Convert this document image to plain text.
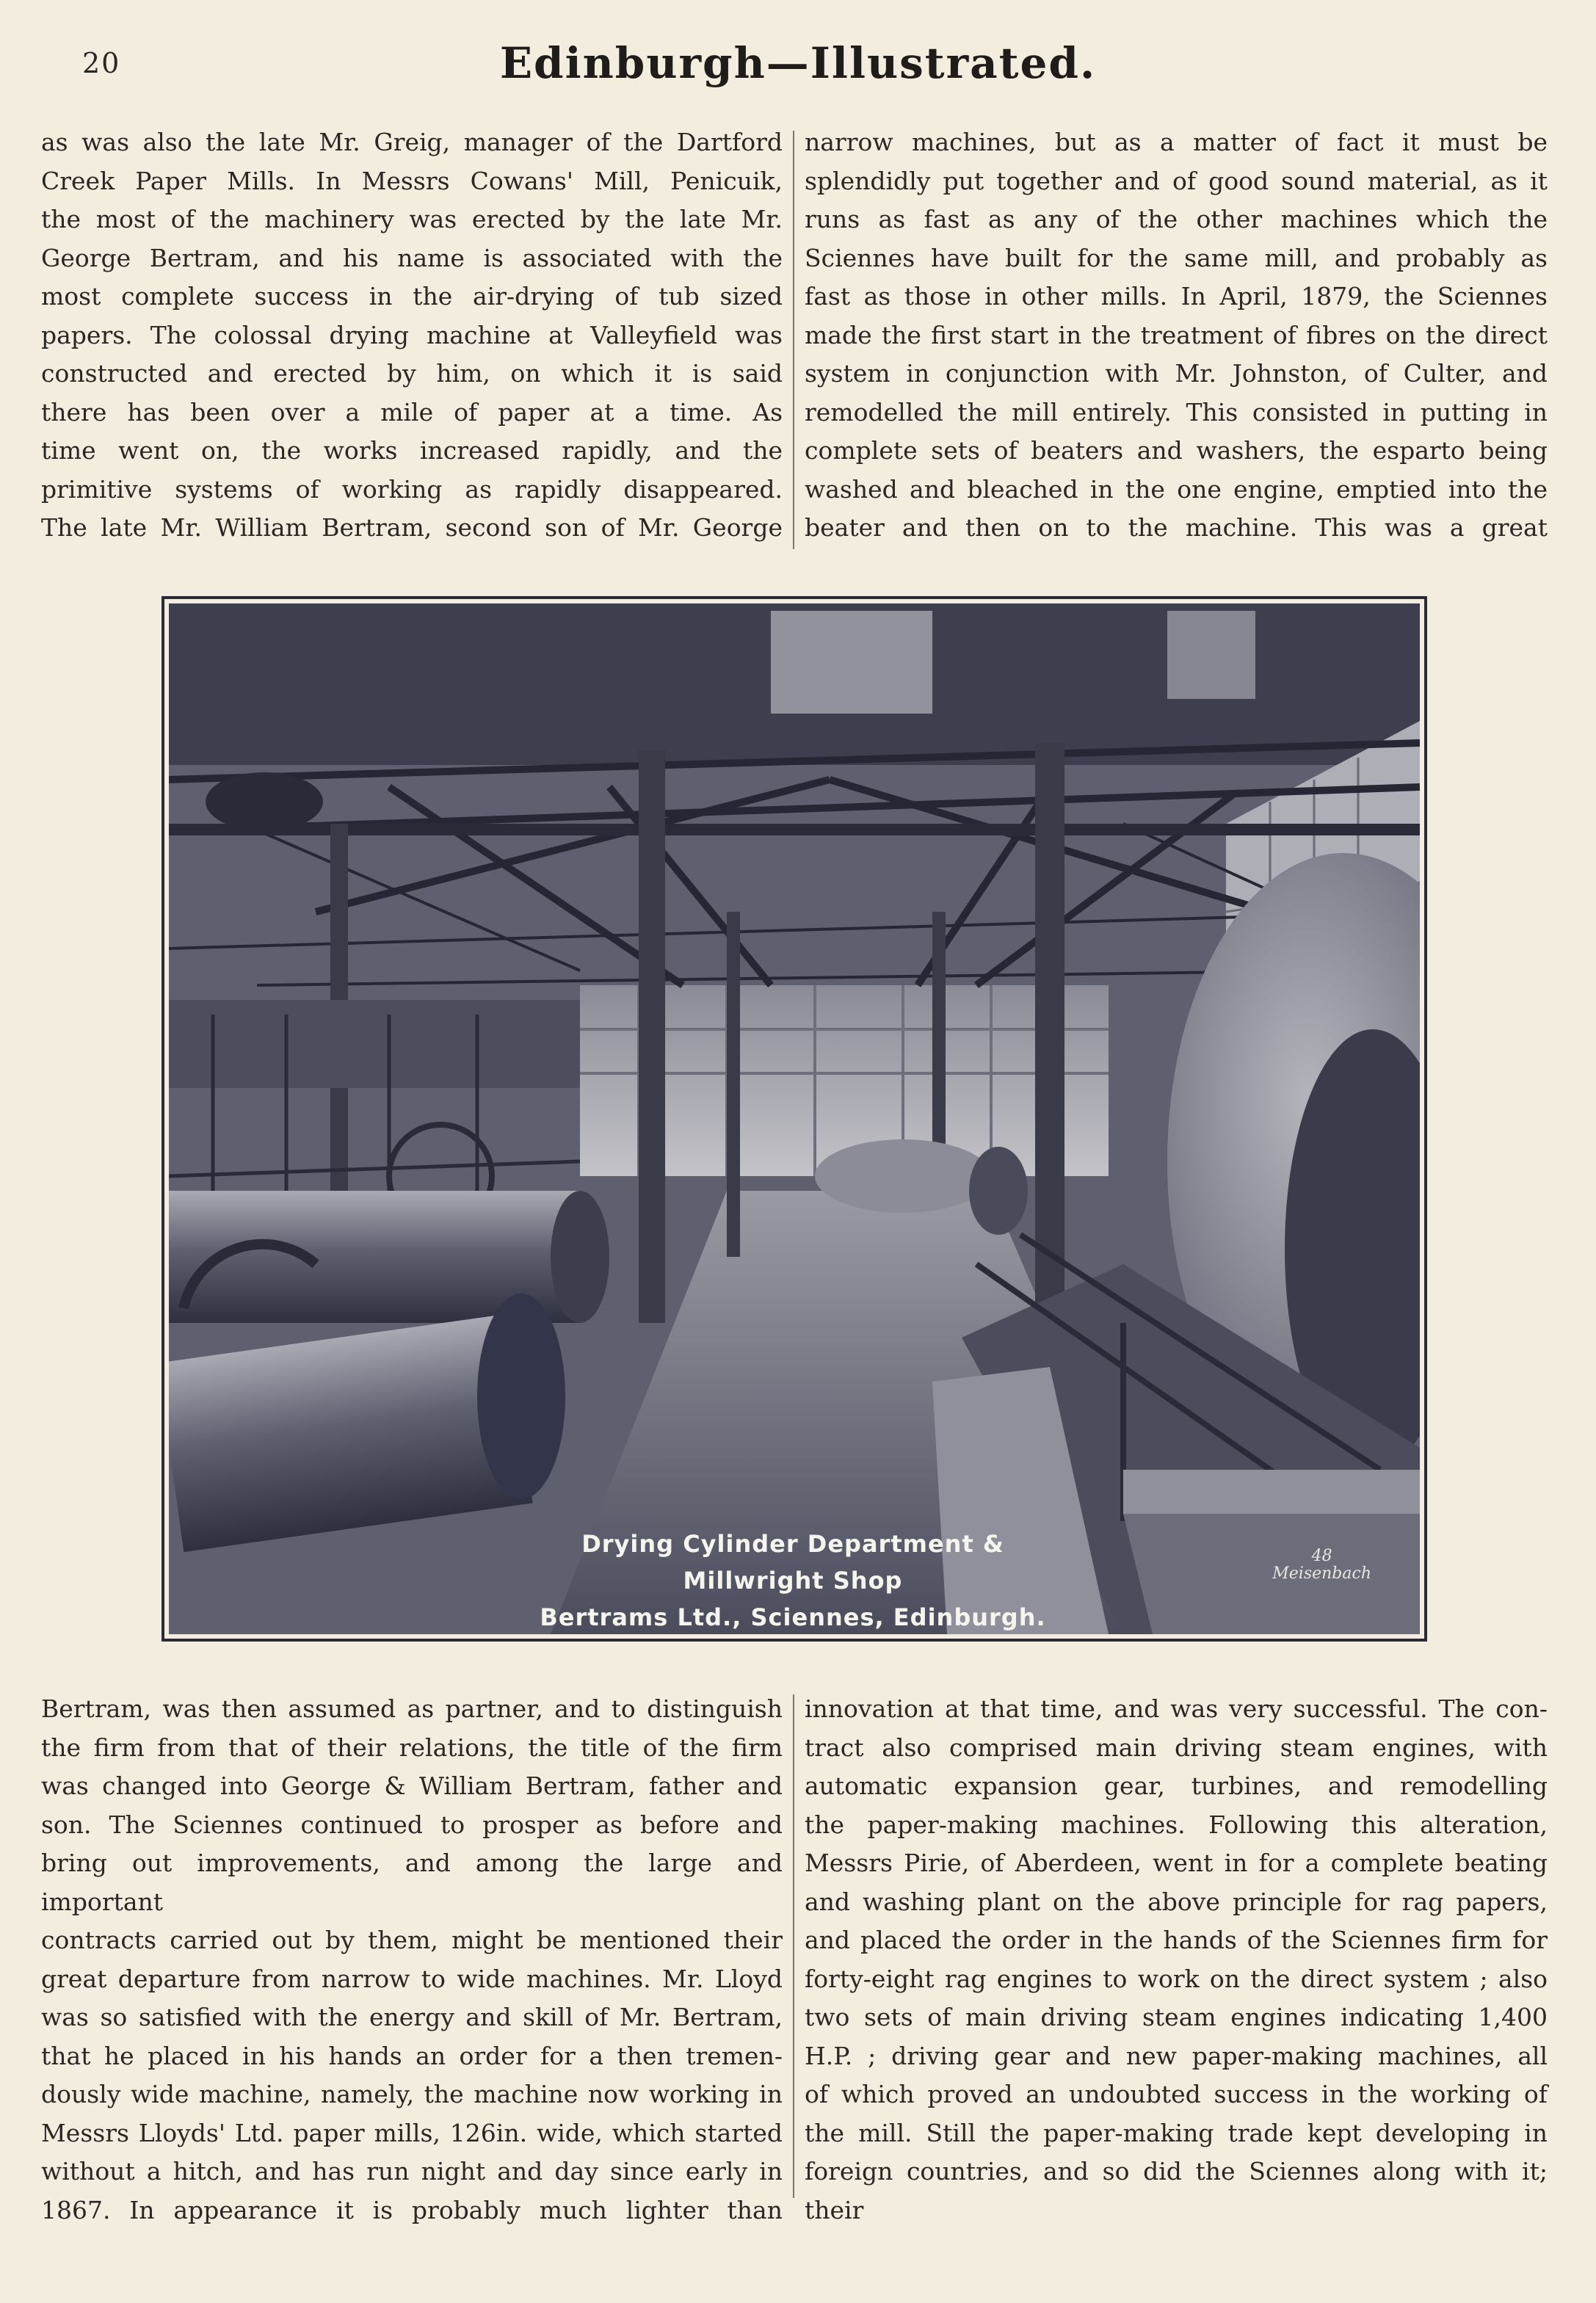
20	Edinburgh—Illustrated.
as was also the late Mr. Greig, manager of the Dartford
Creek Paper Mills. In Messrs Cowans' Mill, Penicuik,
the most of the machinery was erected by the late Mr.
George Bertram, and his name is associated with the
most complete success in the air-drying of tub sized
papers. The colossal drying machine at Valleyfield was
constructed and erected by him, on which it is said
there has been over a mile of paper at a time. As
time went on, the works increased rapidly, and the
primitive systems of working as rapidly disappeared.
The late Mr. William Bertram, second son of Mr. George
narrow machines, but as a matter of fact it must be
splendidly put together and of good sound material, as it
runs as fast as any of the other machines which the
Sciennes have built for the same mill, and probably as
fast as those in other mills. In April, 1879, the Sciennes
made the first start in the treatment of fibres on the direct
system in conjunction with Mr. Johnston, of Culter, and
remodelled the mill entirely. This consisted in putting in
complete sets of beaters and washers, the esparto being
washed and bleached in the one engine, emptied into the
beater and then on to the machine. This was a great
Drying Cylinder Department &
Millwright Shop
Bertrams Ltd., Sciennes, Edinburgh.
48
Meisenbach
Bertram, was then assumed as partner, and to distinguish
the firm from that of their relations, the title of the firm
was changed into George & William Bertram, father and
son. The Sciennes continued to prosper as before and
bring out improvements, and among the large and important
contracts carried out by them, might be mentioned their
great departure from narrow to wide machines. Mr. Lloyd
was so satisfied with the energy and skill of Mr. Bertram,
that he placed in his hands an order for a then tremen-
dously wide machine, namely, the machine now working in
Messrs Lloyds' Ltd. paper mills, 126in. wide, which started
without a hitch, and has run night and day since early in
1867. In appearance it is probably much lighter than
innovation at that time, and was very successful. The con-
tract also comprised main driving steam engines, with
automatic expansion gear, turbines, and remodelling
the paper-making machines. Following this alteration,
Messrs Pirie, of Aberdeen, went in for a complete beating
and washing plant on the above principle for rag papers,
and placed the order in the hands of the Sciennes firm for
forty-eight rag engines to work on the direct system ; also
two sets of main driving steam engines indicating 1,400
H.P. ; driving gear and new paper-making machines, all
of which proved an undoubted success in the working of
the mill. Still the paper-making trade kept developing in
foreign countries, and so did the Sciennes along with it; their
